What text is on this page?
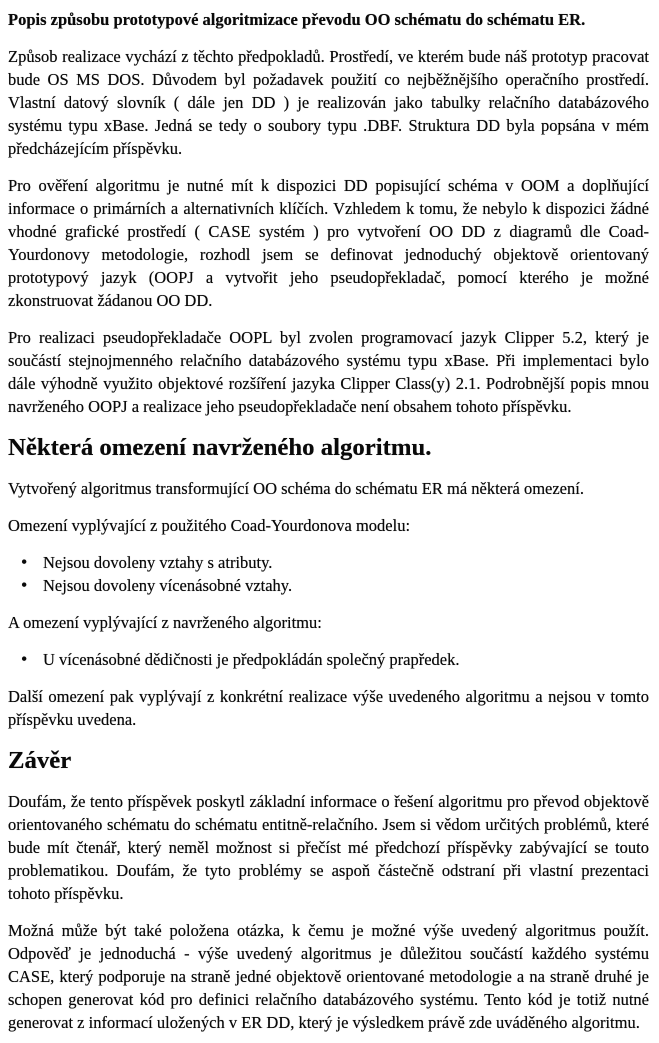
Popis způsobu prototypové algoritmizace převodu OO schématu do schématu ER.

Způsob realizace vychází z těchto předpokladů. Prostředí, ve kterém bude náš prototyp pracovat bude OS MS DOS. Důvodem byl požadavek použití co nejběžnějšího operačního prostředí. Vlastní datový slovník ( dále jen DD ) je realizován jako tabulky relačního databázového systému typu xBase. Jedná se tedy o soubory typu .DBF. Struktura DD byla popsána v mém předcházejícím příspěvku.

Pro ověření algoritmu je nutné mít k dispozici DD popisující schéma v OOM a doplňující informace o primárních a alternativních klíčích. Vzhledem k tomu, že nebylo k dispozici žádné vhodné grafické prostředí ( CASE systém ) pro vytvoření OO DD z diagramů dle Coad-Yourdonovy metodologie, rozhodl jsem se definovat jednoduchý objektově orientovaný prototypový jazyk (OOPJ a vytvořit jeho pseudopřekladač, pomocí kterého je možné zkonstruovat žádanou OO DD.

Pro realizaci pseudopřekladače OOPL byl zvolen programovací jazyk Clipper 5.2, který je součástí stejnojmenného relačního databázového systému typu xBase. Při implementaci bylo dále výhodně využito objektové rozšíření jazyka Clipper Class(y) 2.1. Podrobnější popis mnou navrženého OOPJ a realizace jeho pseudopřekladače není obsahem tohoto příspěvku.

Některá omezení navrženého algoritmu.

Vytvořený algoritmus transformující OO schéma do schématu ER má některá omezení.

Omezení vyplývající z použitého Coad-Yourdonova modelu:

• Nejsou dovoleny vztahy s atributy.
• Nejsou dovoleny vícenásobné vztahy.

A omezení vyplývající z navrženého algoritmu:

• U vícenásobné dědičnosti je předpokládán společný prapředek.

Další omezení pak vyplývají z konkrétní realizace výše uvedeného algoritmu a nejsou v tomto příspěvku uvedena.

Závěr

Doufám, že tento příspěvek poskytl základní informace o řešení algoritmu pro převod objektově orientovaného schématu do schématu entitně-relačního. Jsem si vědom určitých problémů, které bude mít čtenář, který neměl možnost si přečíst mé předchozí příspěvky zabývající se touto problematikou. Doufám, že tyto problémy se aspoň částečně odstraní při vlastní prezentaci tohoto příspěvku.

Možná může být také položena otázka, k čemu je možné výše uvedený algoritmus použít. Odpověď je jednoduchá - výše uvedený algoritmus je důležitou součástí každého systému CASE, který podporuje na straně jedné objektově orientované metodologie a na straně druhé je schopen generovat kód pro definici relačního databázového systému. Tento kód je totiž nutné generovat z informací uložených v ER DD, který je výsledkem právě zde uváděného algoritmu.
